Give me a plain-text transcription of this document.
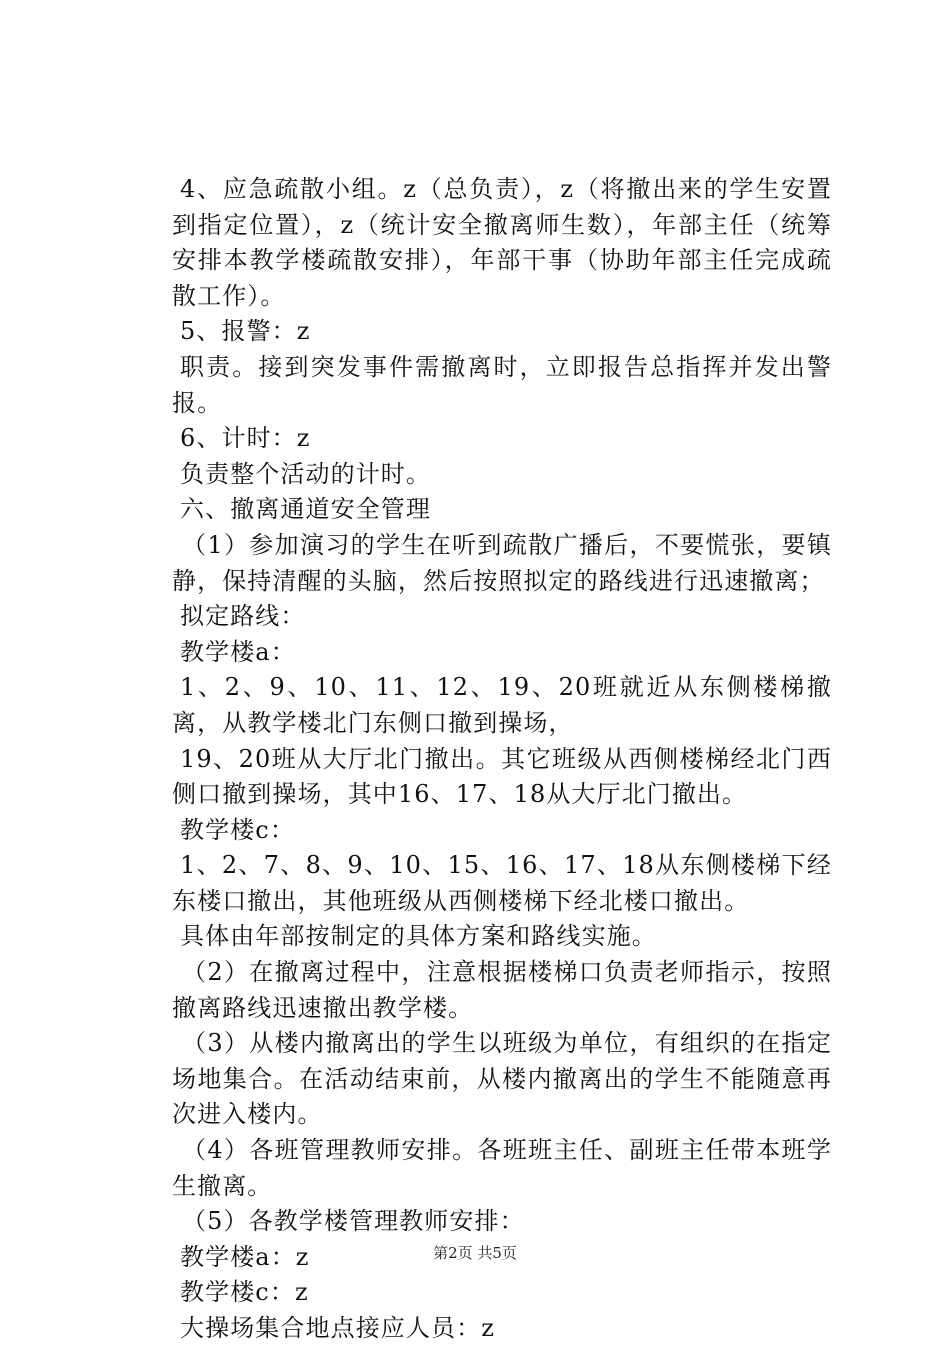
4、应急疏散小组。z（总负责），z（将撤出来的学生安置到指定位置），z（统计安全撤离师生数），年部主任（统筹安排本教学楼疏散安排），年部干事（协助年部主任完成疏散工作）。

5、报警：z

职责。接到突发事件需撤离时，立即报告总指挥并发出警报。

6、计时：z

负责整个活动的计时。

六、撤离通道安全管理

（1）参加演习的学生在听到疏散广播后，不要慌张，要镇静，保持清醒的头脑，然后按照拟定的路线进行迅速撤离；

拟定路线：

教学楼a：

1、2、9、10、11、12、19、20班就近从东侧楼梯撤离，从教学楼北门东侧口撤到操场，

19、20班从大厅北门撤出。其它班级从西侧楼梯经北门西侧口撤到操场，其中16、17、18从大厅北门撤出。

教学楼c：

1、2、7、8、9、10、15、16、17、18从东侧楼梯下经东楼口撤出，其他班级从西侧楼梯下经北楼口撤出。

具体由年部按制定的具体方案和路线实施。

（2）在撤离过程中，注意根据楼梯口负责老师指示，按照撤离路线迅速撤出教学楼。

（3）从楼内撤离出的学生以班级为单位，有组织的在指定场地集合。在活动结束前，从楼内撤离出的学生不能随意再次进入楼内。

（4）各班管理教师安排。各班班主任、副班主任带本班学生撤离。

（5）各教学楼管理教师安排：

教学楼a：z

教学楼c：z

大操场集合地点接应人员：z

第2页 共5页
